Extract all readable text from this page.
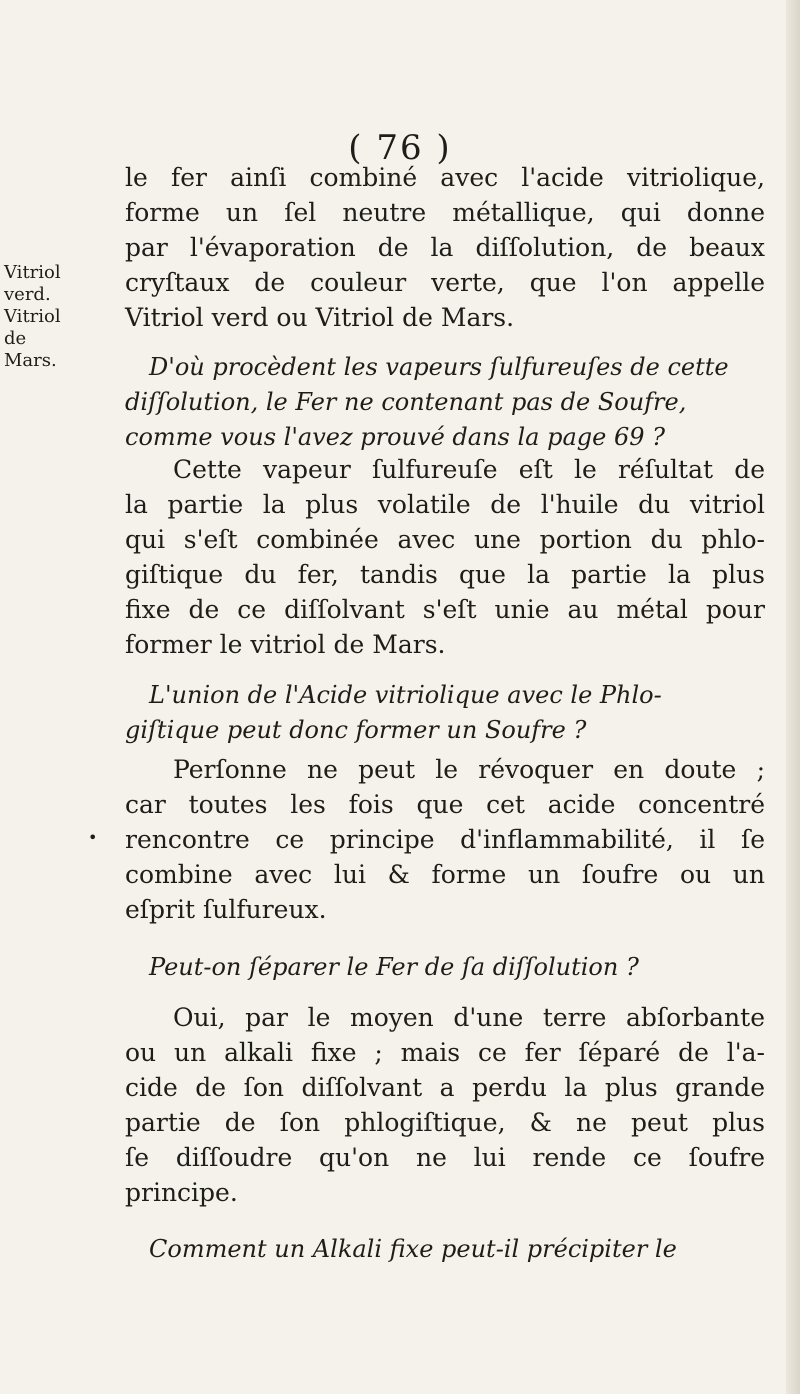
( 76 )
Vitriol
verd.
Vitriol de
Mars.
•
le fer ainſi combiné avec l'acide vitriolique,
forme un ſel neutre métallique, qui donne
par l'évaporation de la diſſolution, de beaux
cryſtaux de couleur verte, que l'on appelle
Vitriol verd ou Vitriol de Mars.
D'où procèdent les vapeurs ſulfureuſes de cette
diſſolution, le Fer ne contenant pas de Soufre,
comme vous l'avez prouvé dans la page 69 ?
Cette vapeur ſulfureuſe eſt le réſultat de
la partie la plus volatile de l'huile du vitriol
qui s'eſt combinée avec une portion du phlo-
giſtique du fer, tandis que la partie la plus
fixe de ce diſſolvant s'eſt unie au métal pour
former le vitriol de Mars.
L'union de l'Acide vitriolique avec le Phlo-
giſtique peut donc former un Soufre ?
Perſonne ne peut le révoquer en doute ;
car toutes les fois que cet acide concentré
rencontre ce principe d'inflammabilité, il ſe
combine avec lui & forme un ſoufre ou un
eſprit ſulfureux.
Peut-on ſéparer le Fer de ſa diſſolution ?
Oui, par le moyen d'une terre abſorbante
ou un alkali fixe ; mais ce fer ſéparé de l'a-
cide de ſon diſſolvant a perdu la plus grande
partie de ſon phlogiſtique, & ne peut plus
ſe diſſoudre qu'on ne lui rende ce ſoufre
principe.
Comment un Alkali fixe peut-il précipiter le
